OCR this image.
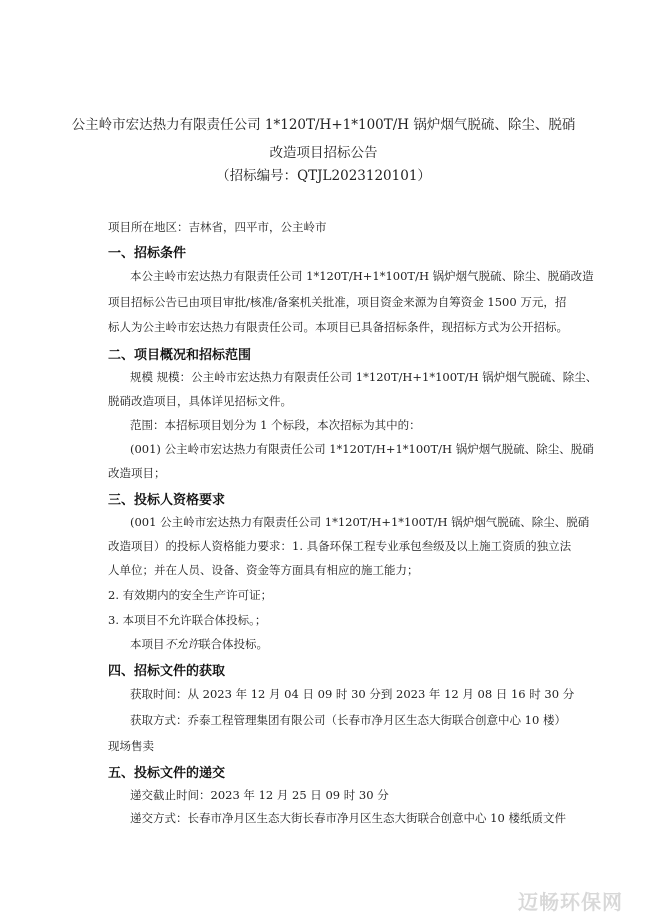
公主岭市宏达热力有限责任公司 1*120T/H+1*100T/H 锅炉烟气脱硫、除尘、脱硝
改造项目招标公告
（招标编号：QTJL2023120101）
项目所在地区：吉林省，四平市，公主岭市
一、招标条件
本公主岭市宏达热力有限责任公司 1*120T/H+1*100T/H 锅炉烟气脱硫、除尘、脱硝改造
项目招标公告已由项目审批/核准/备案机关批准，项目资金来源为自筹资金 1500 万元，招
标人为公主岭市宏达热力有限责任公司。本项目已具备招标条件，现招标方式为公开招标。
二、项目概况和招标范围
规模 规模：公主岭市宏达热力有限责任公司 1*120T/H+1*100T/H 锅炉烟气脱硫、除尘、
脱硝改造项目，具体详见招标文件。
范围：本招标项目划分为 1 个标段，本次招标为其中的：
(001) 公主岭市宏达热力有限责任公司 1*120T/H+1*100T/H 锅炉烟气脱硫、除尘、脱硝
改造项目；
三、投标人资格要求
(001 公主岭市宏达热力有限责任公司 1*120T/H+1*100T/H 锅炉烟气脱硫、除尘、脱硝
改造项目）的投标人资格能力要求：1. 具备环保工程专业承包叁级及以上施工资质的独立法
人单位；并在人员、设备、资金等方面具有相应的施工能力；
2. 有效期内的安全生产许可证；
3. 本项目不允许联合体投标。；
本项目不允许联合体投标。
四、招标文件的获取
获取时间：从 2023 年 12 月 04 日 09 时 30 分到 2023 年 12 月 08 日 16 时 30 分
获取方式：乔泰工程管理集团有限公司（长春市净月区生态大街联合创意中心 10 楼）
现场售卖
五、投标文件的递交
递交截止时间：2023 年 12 月 25 日 09 时 30 分
递交方式：长春市净月区生态大街长春市净月区生态大街联合创意中心 10 楼纸质文件
迈畅环保网
